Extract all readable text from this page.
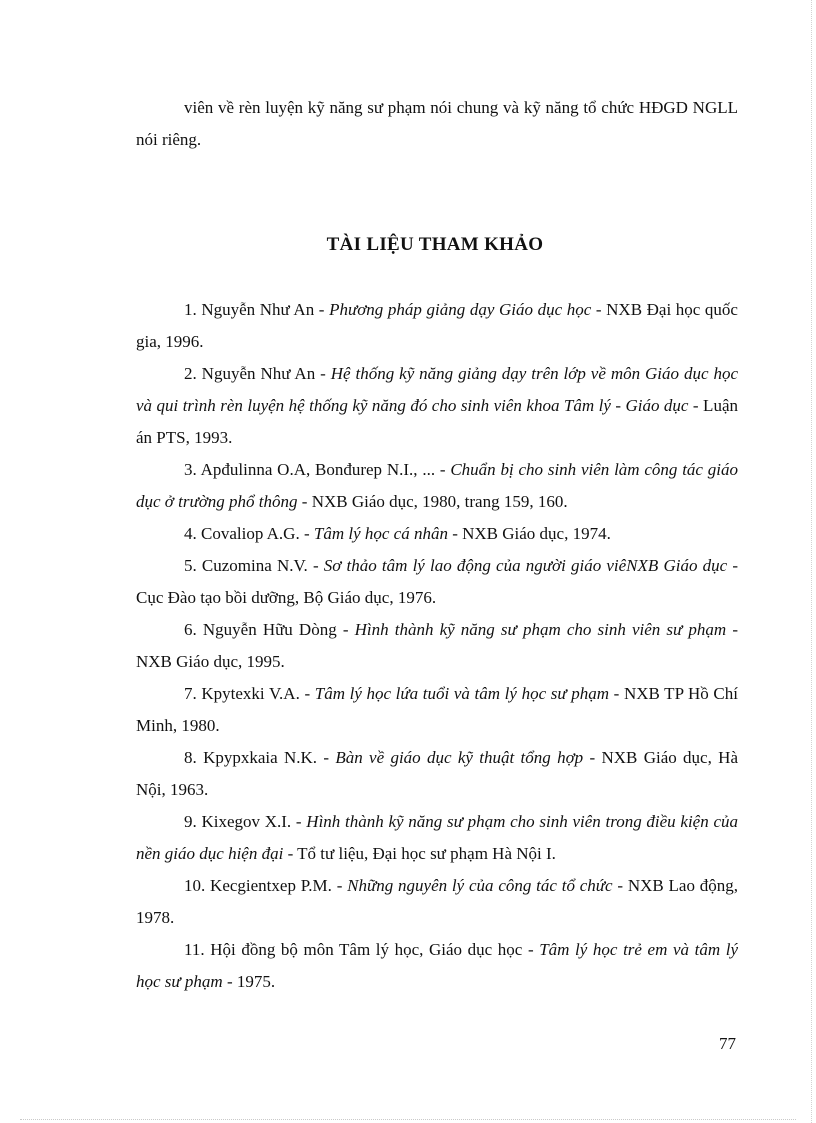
viên về rèn luyện kỹ năng sư phạm nói chung và kỹ năng tổ chức HĐGD NGLL nói riêng.

TÀI LIỆU THAM KHẢO
1. Nguyễn Như An - Phương pháp giảng dạy Giáo dục học - NXB Đại học quốc gia, 1996.
2. Nguyễn Như An - Hệ thống kỹ năng giảng dạy trên lớp về môn Giáo dục học và qui trình rèn luyện hệ thống kỹ năng đó cho sinh viên khoa Tâm lý - Giáo dục - Luận án PTS, 1993.
3. Apđulinna O.A, Bonđurep N.I., ... - Chuẩn bị cho sinh viên làm công tác giáo dục ở trường phổ thông - NXB Giáo dục, 1980, trang 159, 160.
4. Covaliop A.G. - Tâm lý học cá nhân - NXB Giáo dục, 1974.
5. Cuzomina N.V. - Sơ thảo tâm lý lao động của người giáo viêNXB Giáo dục - Cục Đào tạo bồi dưỡng, Bộ Giáo dục, 1976.
6. Nguyễn Hữu Dòng - Hình thành kỹ năng sư phạm cho sinh viên sư phạm - NXB Giáo dục, 1995.
7. Kpytexki V.A. - Tâm lý học lứa tuổi và tâm lý học sư phạm - NXB TP Hồ Chí Minh, 1980.
8. Kpypxkaia N.K. - Bàn về giáo dục kỹ thuật tổng hợp - NXB Giáo dục, Hà Nội, 1963.
9. Kixegov X.I. - Hình thành kỹ năng sư phạm cho sinh viên trong điều kiện của nền giáo dục hiện đại - Tổ tư liệu, Đại học sư phạm Hà Nội I.
10. Kecgientxep P.M. - Những nguyên lý của công tác tổ chức - NXB Lao động, 1978.
11. Hội đồng bộ môn Tâm lý học, Giáo dục học - Tâm lý học trẻ em và tâm lý học sư phạm - 1975.
77
